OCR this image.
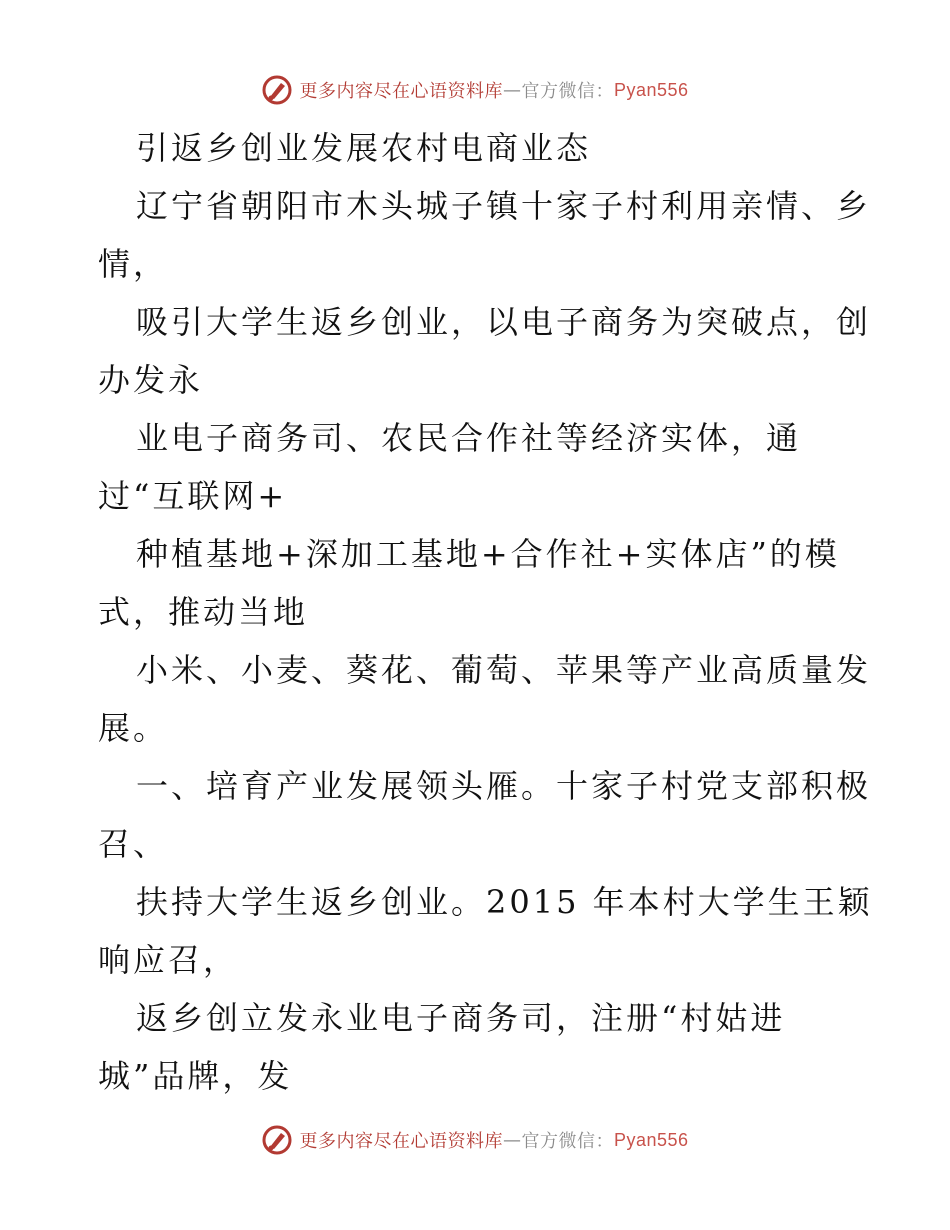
更多内容尽在心语资料库 — 官方微信： Pyan556
引返乡创业发展农村电商业态
辽宁省朝阳市木头城子镇十家子村利用亲情、乡
情，
吸引大学生返乡创业，以电子商务为突破点，创
办发永
业电子商务司、农民合作社等经济实体，通
过“互联网+
种植基地+深加工基地+合作社+实体店”的模
式，推动当地
小米、小麦、葵花、葡萄、苹果等产业高质量发
展。
一、培育产业发展领头雁。十家子村党支部积极
召、
扶持大学生返乡创业。2015 年本村大学生王颖
响应召，
返乡创立发永业电子商务司，注册“村姑进
城”品牌，发
更多内容尽在心语资料库 — 官方微信： Pyan556
